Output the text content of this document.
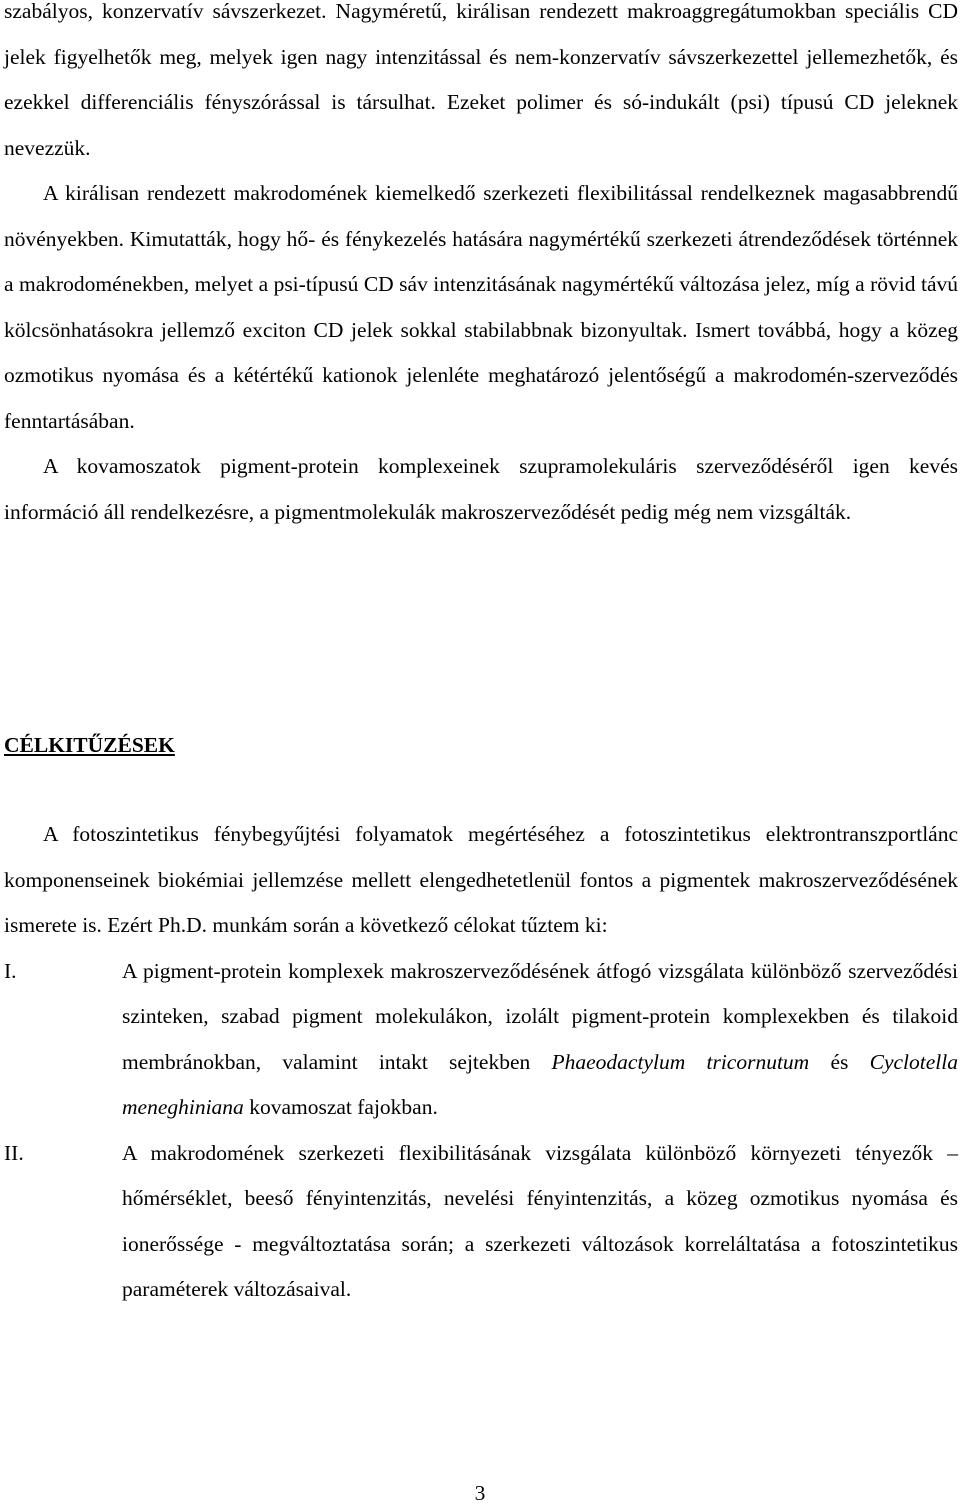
szabályos, konzervatív sávszerkezet. Nagyméretű, királisan rendezett makroaggregátumokban speciális CD jelek figyelhetők meg, melyek igen nagy intenzitással és nem-konzervatív sávszerkezettel jellemezhetők, és ezekkel differenciális fényszórással is társulhat. Ezeket polimer és só-indukált (psi) típusú CD jeleknek nevezzük.

A királisan rendezett makrodomének kiemelkedő szerkezeti flexibilitással rendelkeznek magasabbrendű növényekben. Kimutatták, hogy hő- és fénykezelés hatására nagymértékű szerkezeti átrendeződések történnek a makrodoménekben, melyet a psi-típusú CD sáv intenzitásának nagymértékű változása jelez, míg a rövid távú kölcsönhatásokra jellemző exciton CD jelek sokkal stabilabbnak bizonyultak. Ismert továbbá, hogy a közeg ozmotikus nyomása és a kétértékű kationok jelenléte meghatározó jelentőségű a makrodomén-szerveződés fenntartásában.

A kovamoszatok pigment-protein komplexeinek szupramolekuláris szerveződéséről igen kevés információ áll rendelkezésre, a pigmentmolekulák makroszerveződését pedig még nem vizsgálták.

CÉLKITŰZÉSEK

A fotoszintetikus fénybegyűjtési folyamatok megértéséhez a fotoszintetikus elektrontranszportlánc komponenseinek biokémiai jellemzése mellett elengedhetetlenül fontos a pigmentek makroszerveződésének ismerete is. Ezért Ph.D. munkám során a következő célokat tűztem ki:

I.	A pigment-protein komplexek makroszerveződésének átfogó vizsgálata különböző szerveződési szinteken, szabad pigment molekulákon, izolált pigment-protein komplexekben és tilakoid membránokban, valamint intakt sejtekben Phaeodactylum tricornutum és Cyclotella meneghiniana kovamoszat fajokban.
II.	A makrodomének szerkezeti flexibilitásának vizsgálata különböző környezeti tényezők – hőmérséklet, beeső fényintenzitás, nevelési fényintenzitás, a közeg ozmotikus nyomása és ionerőssége - megváltoztatása során; a szerkezeti változások korreláltatása a fotoszintetikus paraméterek változásaival.
3
